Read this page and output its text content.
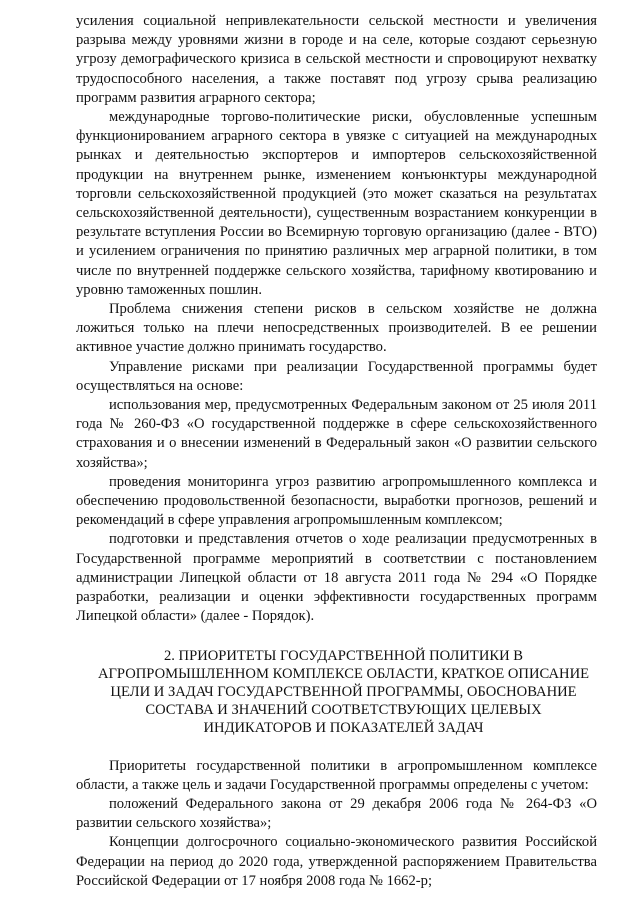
усиления социальной непривлекательности сельской местности и увеличения разрыва между уровнями жизни в городе и на селе, которые создают серьезную угрозу демографического кризиса в сельской местности и спровоцируют нехватку трудоспособного населения, а также поставят под угрозу срыва реализацию программ развития аграрного сектора;

международные торгово-политические риски, обусловленные успешным функционированием аграрного сектора в увязке с ситуацией на международных рынках и деятельностью экспортеров и импортеров сельскохозяйственной продукции на внутреннем рынке, изменением конъюнктуры международной торговли сельскохозяйственной продукцией (это может сказаться на результатах сельскохозяйственной деятельности), существенным возрастанием конкуренции в результате вступления России во Всемирную торговую организацию (далее - ВТО) и усилением ограничения по принятию различных мер аграрной политики, в том числе по внутренней поддержке сельского хозяйства, тарифному квотированию и уровню таможенных пошлин.

Проблема снижения степени рисков в сельском хозяйстве не должна ложиться только на плечи непосредственных производителей. В ее решении активное участие должно принимать государство.

Управление рисками при реализации Государственной программы будет осуществляться на основе:

использования мер, предусмотренных Федеральным законом от 25 июля 2011 года № 260-ФЗ «О государственной поддержке в сфере сельскохозяйственного страхования и о внесении изменений в Федеральный закон «О развитии сельского хозяйства»;

проведения мониторинга угроз развитию агропромышленного комплекса и обеспечению продовольственной безопасности, выработки прогнозов, решений и рекомендаций в сфере управления агропромышленным комплексом;

подготовки и представления отчетов о ходе реализации предусмотренных в Государственной программе мероприятий в соответствии с постановлением администрации Липецкой области от 18 августа 2011 года № 294 «О Порядке разработки, реализации и оценки эффективности государственных программ Липецкой области» (далее - Порядок).

2. ПРИОРИТЕТЫ ГОСУДАРСТВЕННОЙ ПОЛИТИКИ В АГРОПРОМЫШЛЕННОМ КОМПЛЕКСЕ ОБЛАСТИ, КРАТКОЕ ОПИСАНИЕ ЦЕЛИ И ЗАДАЧ ГОСУДАРСТВЕННОЙ ПРОГРАММЫ, ОБОСНОВАНИЕ СОСТАВА И ЗНАЧЕНИЙ СООТВЕТСТВУЮЩИХ ЦЕЛЕВЫХ ИНДИКАТОРОВ И ПОКАЗАТЕЛЕЙ ЗАДАЧ

Приоритеты государственной политики в агропромышленном комплексе области, а также цель и задачи Государственной программы определены с учетом:

положений Федерального закона от 29 декабря 2006 года № 264-ФЗ «О развитии сельского хозяйства»;

Концепции долгосрочного социально-экономического развития Российской Федерации на период до 2020 года, утвержденной распоряжением Правительства Российской Федерации от 17 ноября 2008 года № 1662-р;
